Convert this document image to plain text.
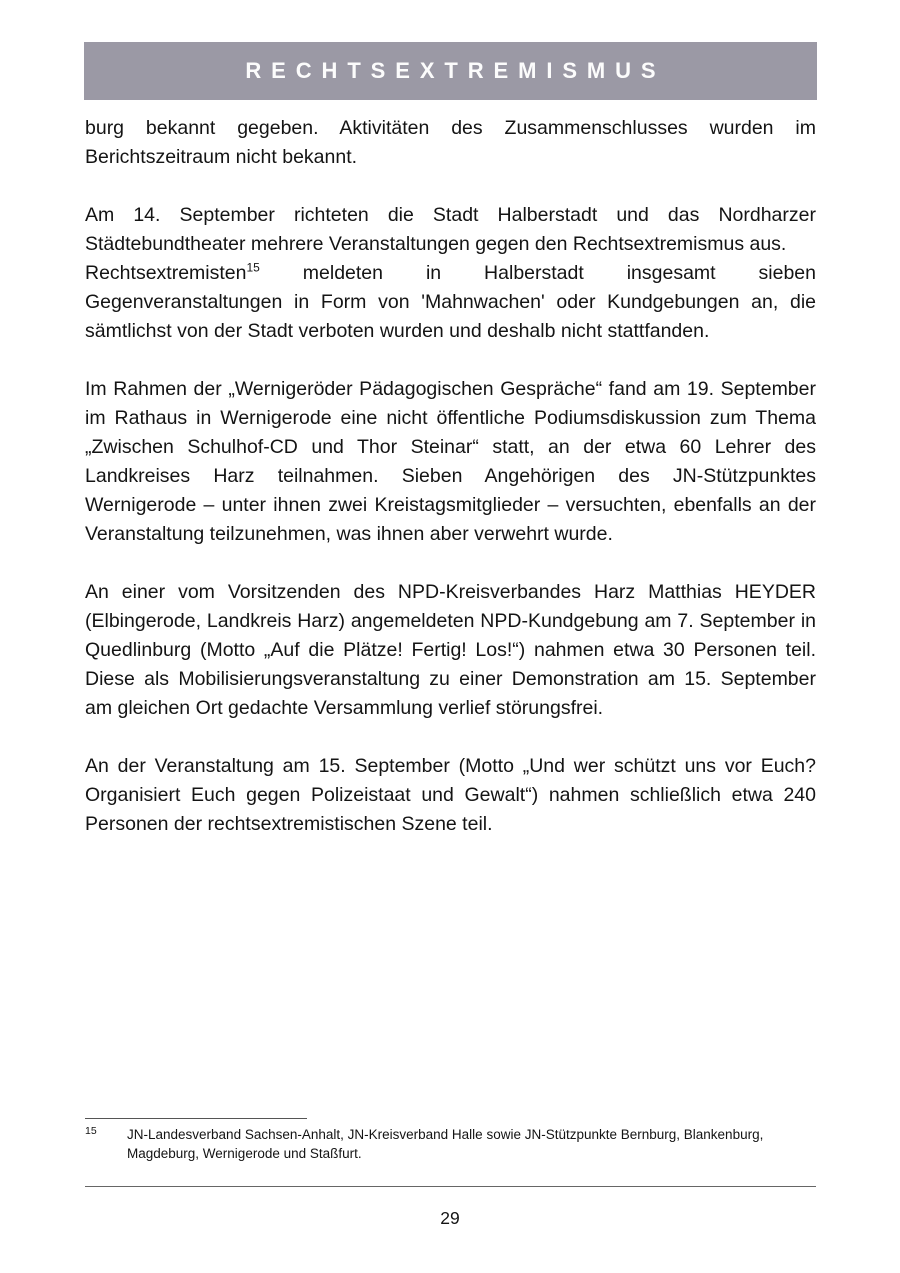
RECHTSEXTREMISMUS

burg bekannt gegeben. Aktivitäten des Zusammenschlusses wurden im Berichtszeitraum nicht bekannt.

Am 14. September richteten die Stadt Halberstadt und das Nordharzer Städtebundtheater mehrere Veranstaltungen gegen den Rechtsextremismus aus.

Rechtsextremisten$^{15}$ meldeten in Halberstadt insgesamt sieben Gegenveranstaltungen in Form von 'Mahnwachen' oder Kundgebungen an, die sämtlichst von der Stadt verboten wurden und deshalb nicht stattfanden.

Im Rahmen der „Wernigeröder Pädagogischen Gespräche“ fand am 19. September im Rathaus in Wernigerode eine nicht öffentliche Podiumsdiskussion zum Thema „Zwischen Schulhof-CD und Thor Steinar“ statt, an der etwa 60 Lehrer des Landkreises Harz teilnahmen. Sieben Angehörigen des JN-Stützpunktes Wernigerode – unter ihnen zwei Kreistagsmitglieder – versuchten, ebenfalls an der Veranstaltung teilzunehmen, was ihnen aber verwehrt wurde.

An einer vom Vorsitzenden des NPD-Kreisverbandes Harz Matthias HEYDER (Elbingerode, Landkreis Harz) angemeldeten NPD-Kundgebung am 7. September in Quedlinburg (Motto „Auf die Plätze! Fertig! Los!“) nahmen etwa 30 Personen teil. Diese als Mobilisierungsveranstaltung zu einer Demonstration am 15. September am gleichen Ort gedachte Versammlung verlief störungsfrei.

An der Veranstaltung am 15. September (Motto „Und wer schützt uns vor Euch? Organisiert Euch gegen Polizeistaat und Gewalt“) nahmen schließlich etwa 240 Personen der rechtsextremistischen Szene teil.

15 JN-Landesverband Sachsen-Anhalt, JN-Kreisverband Halle sowie JN-Stützpunkte Bernburg, Blankenburg, Magdeburg, Wernigerode und Staßfurt.
29
